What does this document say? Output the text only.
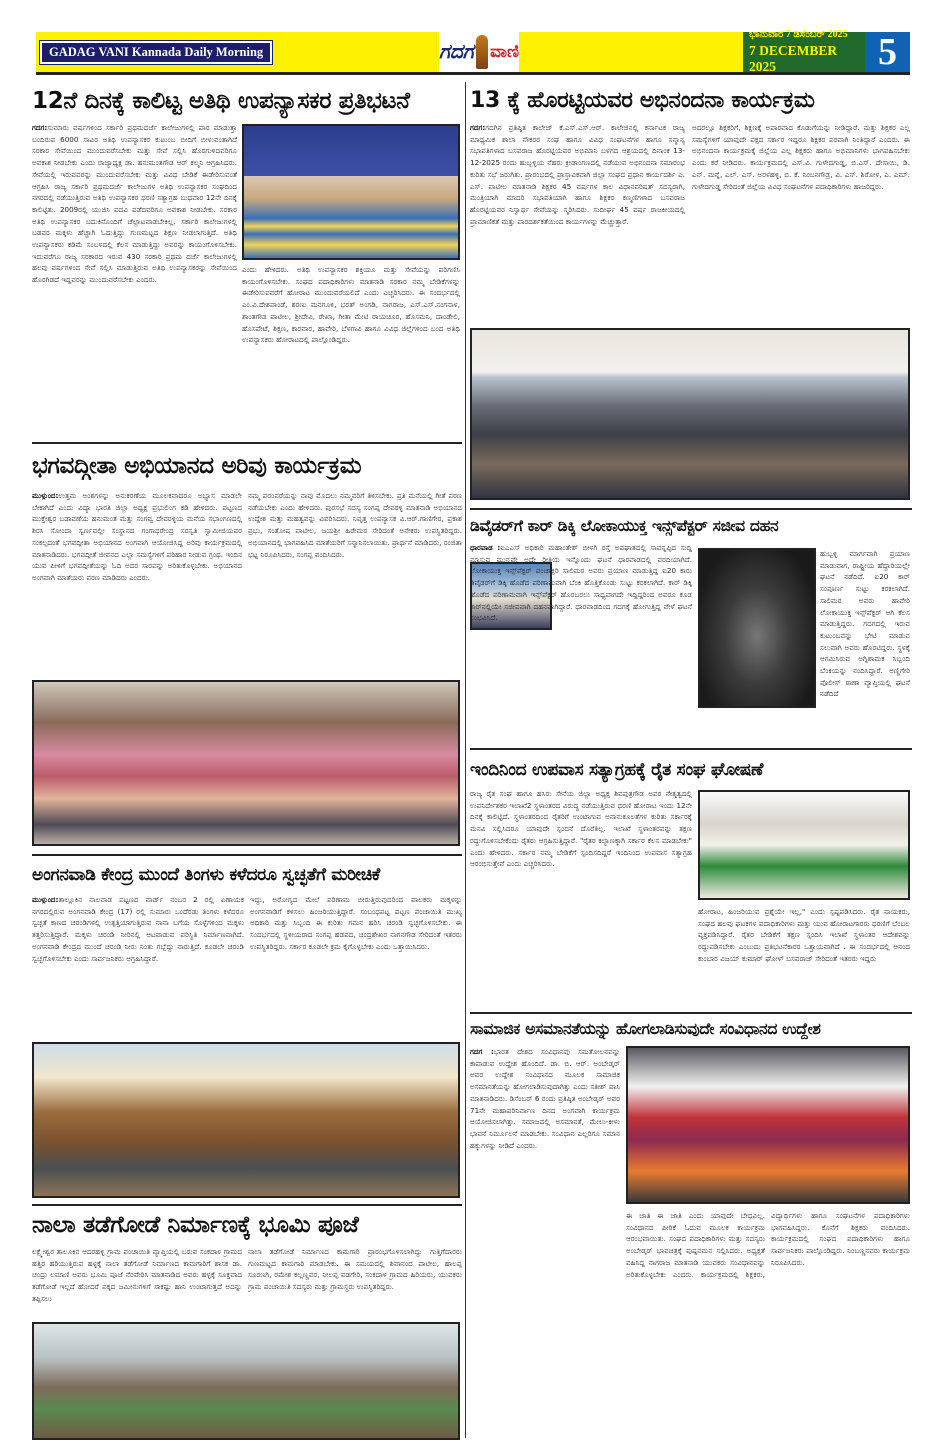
GADAG VANI Kannada Daily Morning	ಗದಗ ವಾಣಿ
ಭಾನುವಾರ 7 ಡಿಸೆಂಬರ್ 2025
7 DECEMBER 2025	5
12ನೆ ದಿನಕ್ಕೆ ಕಾಲಿಟ್ಟ ಅತಿಥಿ ಉಪನ್ಯಾಸಕರ ಪ್ರತಿಭಟನೆ
ಗದಗ:ಸುಮಾರು ವರ್ಷಗಳಿಂದ ಸರ್ಕಾರಿ ಪ್ರಥಮದರ್ಜೆ ಕಾಲೇಜುಗಳಲ್ಲಿ ಪಾಠ ಮಾಡುತ್ತಾ ಬಂದಿರುವ 6000 ಸಾವಿರ ಅತಿಥಿ ಉಪನ್ಯಾಸಕರ ಕುಟುಂಬ ಬೀದಿಗೆ ಬೀಳುವಂತಾಗಿದೆ ಸರಕಾರ ಸೇವೆಯಿಂದ ಮುಂದುವರೆಸಬೇಕು ಮತ್ತು ಸೇವೆ ಸಲ್ಲಿಸಿ ಹೊರಗುಳಿದವರಿಗೂ ಅವಕಾಶ ನೀಡಬೇಕು ಎಂದು ರಾಜ್ಯಾಧ್ಯಕ್ಷ ಡಾ. ಹನುಮಂತಗೌಡ ಆರ್ ಕಲ್ಮನಿ ಆಗ್ರಹಿಸಿದರು. ಸೇವೆಯಲ್ಲಿ ಇರುವವರನ್ನು ಮುಂದುವರೆಸಬೇಕು ಮತ್ತು ವಿವಿಧ ಬೇಡಿಕೆ ಈಡೇರಿಸುವಂತೆ ಆಗ್ರಹಿಸಿ ರಾಜ್ಯ ಸರ್ಕಾರಿ ಪ್ರಥಮದರ್ಜೆ ಕಾಲೇಜುಗಳ ಅತಿಥಿ ಉಪನ್ಯಾಸಕರ ಸಂಘದಿಂದ ನಗರದಲ್ಲಿ ನಡೆಯುತ್ತಿರುವ ಅತಿಥಿ ಉಪನ್ಯಾಸಕರ ಧರಣಿ ಸತ್ಯಾಗ್ರಹ ಬುಧವಾರ 12ನೇ ದಿನಕ್ಕೆ ಕಾಲಿಟ್ಟಿತು. 2009ರಲ್ಲಿ ಯುಜಿಸಿ ಪದವಿ ಪಡೆದವರಿಗೂ ಅವಕಾಶ ನೀಡಬೇಕು. ಸರಕಾರ ಅತಿಥಿ ಉಪನ್ಯಾಸಕರ ಬದುಕಿನೊಂದಿಗೆ ಚೆಲ್ಲಾಟವಾಡಬೇಕಿಲ್ಲ. ಸರ್ಕಾರಿ ಕಾಲೇಜುಗಳಲ್ಲಿ ಬಡವರ ಮಕ್ಕಳು ಹೆಚ್ಚಾಗಿ ಓದುತ್ತಿದ್ದು ಗುಣಮಟ್ಟದ ಶಿಕ್ಷಣ ನೀಡಲಾಗುತ್ತಿದೆ. ಅತಿಥಿ ಉಪನ್ಯಾಸಕರು ಕಡಿಮೆ ಸಂಬಳದಲ್ಲಿ ಕೆಲಸ ಮಾಡುತ್ತಿದ್ದು ಅವರನ್ನು ಕಾಯಂಗೊಳಿಸಬೇಕು. ಇದುವರೆಗೂ ರಾಜ್ಯ ಸರಕಾರದ ಇರುವ 430 ಸರಕಾರಿ ಪ್ರಥಮ ದರ್ಜೆ ಕಾಲೇಜುಗಳಲ್ಲಿ ಹಲವು ವರ್ಷಗಳಿಂದ ಸೇವೆ ಸಲ್ಲಿಸಿ ಮಾಡುತ್ತಿರುವ ಅತಿಥಿ ಉಪನ್ಯಾಸಕರನ್ನು ಸೇವೆಯಿಂದ ಹೊರಗಿಡದೆ ಇದ್ದವರನ್ನು ಮುಂದುವರೆಸಬೇಕು ಎಂದರು.
ಎಂದು ಹೇಳಿದರು. ಅತಿಥಿ ಉಪನ್ಯಾಸಕರ ಶಕ್ತಿಯೂ ಮತ್ತು ಸೇವೆಯನ್ನು ಪರಿಗಣಿಸಿ ಕಾಯಂಗೊಳಿಸಬೇಕು. ಸಂಘದ ಪದಾಧಿಕಾರಿಗಳು ಮಾತನಾಡಿ ಸರಕಾರ ನಮ್ಮ ಬೇಡಿಕೆಗಳನ್ನು ಈಡೇರಿಸುವವರೆಗೆ ಹೋರಾಟ ಮುಂದುವರೆಯಲಿದೆ ಎಂದು ಎಚ್ಚರಿಸಿದರು. ಈ ಸಂದರ್ಭದಲ್ಲಿ ಎಂ.ವಿ.ದೇಶಪಾಂಡೆ, ಶರಣು ಮನಗೂಳಿ, ಭರತ್ ಅಂಗಡಿ, ನಾಗರಾಜ, ಎಸ್.ಎಸ್.ಸಂಗನಾಳ, ಶಾಂತಗೌಡ ಪಾಟೀಲ, ಶ್ರೀದೇವಿ, ರೇಖಾ, ಗೀತಾ ಮೇಟಿ ರಾಯಚೂರ, ಹೊಸಮನಿ, ದಾಂಡೇಲಿ, ಹೊಸಪೇಟೆ, ಶಿಕ್ಷಣ, ಕಾರವಾರ, ಹಾವೇರಿ, ಬೆಳಗಾವಿ ಹಾಗೂ ವಿವಿಧ ಜಿಲ್ಲೆಗಳಿಂದ ಬಂದ ಅತಿಥಿ ಉಪನ್ಯಾಸಕರು ಹೋರಾಟದಲ್ಲಿ ಪಾಲ್ಗೊಂಡಿದ್ದರು.
13 ಕ್ಕೆ ಹೊರಟ್ಟಿಯವರ ಅಭಿನಂದನಾ ಕಾರ್ಯಕ್ರಮ
ಗದಗ:ಗದಗಿನ ಪ್ರತಿಷ್ಠಿತ ಕಾಲೇಜ್ ಕೆ.ಎಸ್.ಎಸ್.ಆರ್. ಕಾಲೇಜಿನಲ್ಲಿ ಕರ್ನಾಟಕ ರಾಜ್ಯ ಮಾಧ್ಯಮಿಕ ಶಾಲಾ ನೌಕರರ ಸಂಘ ಹಾಗೂ ವಿವಿಧ ಸಂಘಟನೆಗಳ ಹಾಗೂ ಸನ್ಮಾನ್ಯ ಸಭಾಪತಿಗಳಾದ ಬಸವರಾಜ ಹೊರಟ್ಟಿಯವರ ಅಭಿಮಾನಿ ಬಳಗದ ಆಶ್ರಯದಲ್ಲಿ ದಿನಾಂಕ 13-12-2025 ರಂದು ಹುಬ್ಬಳ್ಳಿಯ ನೆಹರು ಕ್ರೀಡಾಂಗಣದಲ್ಲಿ ನಡೆಯುವ ಅಭಿನಂದನಾ ಸಮಾರಂಭ ಕುರಿತು ಸಭೆ ಜರುಗಿತು. ಪ್ರಾರಂಭದಲ್ಲಿ ಪ್ರಾಸ್ತಾವಿಕವಾಗಿ ಜಿಲ್ಲಾ ಸಂಘದ ಪ್ರಧಾನ ಕಾರ್ಯದರ್ಶಿ ಎ. ಎಸ್. ಪಾಟೀಲ ಮಾತನಾಡಿ ಶಿಕ್ಷಕರ 45 ವರ್ಷಗಳ ಕಾಲ ವಿಧಾನಪರಿಷತ್ ಸದಸ್ಯರಾಗಿ, ಮಂತ್ರಿಯಾಗಿ ಮಾದರಿ ಸಭಾಪತಿಯಾಗಿ ಹಾಗೂ ಶಿಕ್ಷಕರ ಕಣ್ಮಣಿಗಳಾದ ಬಸವರಾಜ ಹೊರಟ್ಟಿಯವರ ನಿಸ್ವಾರ್ಥ ಸೇವೆಯನ್ನು ಸ್ಮರಿಸಿದರು. ಸುದೀರ್ಘ 45 ವರ್ಷ ರಾಜಕೀಯದಲ್ಲಿ ಪ್ರಾಮಾಣಿಕತೆ ಮತ್ತು ಪಾರದರ್ಶಕತೆಯಿಂದ ಕಾರ್ಯಗಳನ್ನು ಮೆಚ್ಚುತ್ತಾರೆ.
ಅದರಲ್ಲೂ ಶಿಕ್ಷಕರಿಗೆ, ಶಿಕ್ಷಣಕ್ಕೆ ಅಪಾರವಾದ ಕೊಡುಗೆಯನ್ನು ನೀಡಿದ್ದಾರೆ. ಮತ್ತು ಶಿಕ್ಷಕರ ಎಲ್ಲ ಸಮಸ್ಯೆಗಳಿಗೆ ಯಾವುದೇ ಪಕ್ಷದ ಸರ್ಕಾರ ಇದ್ದರೂ ಶಿಕ್ಷಕರ ಪರವಾಗಿ ನಿಂತಿದ್ದಾರೆ ಎಂದರು. ಈ ಅಭಿನಂದನಾ ಕಾರ್ಯಕ್ರಮಕ್ಕೆ ಜಿಲ್ಲೆಯ ಎಲ್ಲ ಶಿಕ್ಷಕರು ಹಾಗೂ ಅಭಿಮಾನಿಗಳು ಭಾಗವಹಿಸಬೇಕು ಎಂದು ಕರೆ ನೀಡಿದರು. ಕಾರ್ಯಕ್ರಮದಲ್ಲಿ ಎಸ್.ವಿ. ಗುಳೇದಗುಡ್ಡ, ಬಿ.ಎಸ್. ದೇಸಾಯಿ, ಡಿ. ಎನ್. ಮನ್ನೆ, ಎಲ್. ಎಸ್. ಅರಳಹಳ್ಳಿ, ಬಿ. ಕೆ. ನಿಂಬನಗೌಡ್ರ, ವಿ. ಎಸ್. ಶಿರೋಳ, ಎ. ಎಮ್. ಗುಳೇದಗುಡ್ಡ ಸೇರಿದಂತೆ ಜಿಲ್ಲೆಯ ವಿವಿಧ ಸಂಘಟನೆಗಳ ಪದಾಧಿಕಾರಿಗಳು ಹಾಜರಿದ್ದರು.
ಭಗವದ್ಗೀತಾ ಅಭಿಯಾನದ ಅರಿವು ಕಾರ್ಯಕ್ರಮ
ಮುಳ್ಗುಂದ:ಉತ್ತಮ ಅಂಶಗಳನ್ನು ಅನುಕರಣೆಯ ಮೂಲಕವಾದರೂ ಅಭ್ಯಾಸ ಮಾಡಲೇ ಬೇಕಾಗಿದೆ ಎಂದು ವಿದ್ಯಾ ಭಾರತಿ ಜಿಲ್ಲಾ ಅಧ್ಯಕ್ಷ ಪ್ರಭುಲಿಂಗ ಕಡಿ ಹೇಳಿದರು. ಪಟ್ಟಣದ ಮುಕ್ತೇಶ್ವರ ಬಡಾವಣೆಯ ಹನುಮಂತ ಮತ್ತು ಸಂಗವ್ವ ದೇವರಳ್ಳಿಯ ಮನೆಯ ಸಭಾಂಗಣದಲ್ಲಿ ಶಿರಸಿ ಸೋಂದಾ ಸ್ವರ್ಣವಲ್ಲೀ ಸಂಸ್ಥಾನದ ಗಂಗಾಧರೇಂದ್ರ ಸರಸ್ವತಿ ಸ್ವಾಮೀಜಿಯವರ ಸಂಕಲ್ಪದಂತೆ ಭಗವದ್ಗೀತಾ ಅಭಿಯಾನದ ಅಂಗವಾಗಿ ಆಯೋಜಿಸಿದ್ದ ಅರಿವು ಕಾರ್ಯಕ್ರಮದಲ್ಲಿ ಮಾತನಾಡಿದರು. ಭಗವದ್ಗೀತೆ ಜೀವನದ ಎಲ್ಲಾ ಸಮಸ್ಯೆಗಳಿಗೆ ಪರಿಹಾರ ನೀಡುವ ಗ್ರಂಥ. ಇಂದಿನ ಯುವ ಪೀಳಿಗೆ ಭಗವದ್ಗೀತೆಯನ್ನು ಓದಿ ಅದರ ಸಾರವನ್ನು ಅರಿತುಕೊಳ್ಳಬೇಕು. ಅಭಿಯಾನದ ಅಂಗವಾಗಿ ಮಾತೆಯರು ಪಠಣ ಮಾಡಿದರು ಎಂದರು.
ನಮ್ಮ ಪರಂಪರೆಯನ್ನು ನಾವು ಮೊದಲು ನಮ್ಮವರಿಗೆ ತಿಳಿಸಬೇಕು. ಪ್ರತಿ ಮನೆಯಲ್ಲಿ ಗೀತೆ ಪಠಣ ನಡೆಯಬೇಕು ಎಂದು ಹೇಳಿದರು. ಪುರಸಭೆ ಸದಸ್ಯ ಸಂಗಪ್ಪ ದೇವರಳ್ಳಿ ಮಾತನಾಡಿ ಅಭಿಯಾನದ ಉದ್ದೇಶ ಮತ್ತು ಮಹತ್ವವನ್ನು ವಿವರಿಸಿದರು. ನಿವೃತ್ತ ಉಪನ್ಯಾಸಕ ವಿ.ಆರ್.ಗಾಣಿಗೇರ, ಪ್ರಕಾಶ ಪ್ರಭು, ಸಂತೋಷ ಪಾಟೀಲ, ಜಯಶ್ರೀ ಹಿರೇಮಠ ಸೇರಿದಂತೆ ಅನೇಕರು ಉಪಸ್ಥಿತರಿದ್ದರು. ಅಭಿಯಾನದಲ್ಲಿ ಭಾಗವಹಿಸಿದ ಮಾತೆಯರಿಗೆ ಸನ್ಮಾನಿಸಲಾಯಿತು. ಪ್ರಾರ್ಥನೆ ಮಾಡಿದರು, ರಂಜಿತಾ ಭಟ್ಟ ನಿರೂಪಿಸಿದರು, ಸಂಗಪ್ಪ ವಂದಿಸಿದರು.
ಡಿವೈಡರ್‌ಗೆ ಕಾರ್ ಡಿಕ್ಕಿ ಲೋಕಾಯುಕ್ತ ಇನ್ಸ್‌ಪೆಕ್ಟರ್ ಸಜೀವ ದಹನ
ಧಾರವಾಡ :ಐಎಎಸ್ ಅಧಿಕಾರಿ ಮಹಾಂತೇಶ್ ಬೀಳಗಿ ರಸ್ತೆ ಅಪಘಾತದಲ್ಲಿ ಸಾವನ್ನಪ್ಪಿದ ಸುದ್ದಿ ಮಾಸುವ ಮುನ್ನವೇ ಅದೇ ರೀತಿಯ ಇನ್ನೊಂದು ಘಟನೆ ಧಾರವಾಡದಲ್ಲಿ ವರದಿಯಾಗಿದೆ. ಲೋಕಾಯುಕ್ತ ಇನ್ಸ್‌ಪೆಕ್ಟರ್ ಪಂಚಾಕ್ಷರಿ ಸಾಲಿಮಠ ಅವರು ಪ್ರಯಾಣ ಮಾಡುತ್ತಿದ್ದ ಐ20 ಕಾರು ಡಿವೈಡರ್‌ಗೆ ಡಿಕ್ಕಿ ಹೊಡೆದ ಪರಿಣಾಮವಾಗಿ ಬೆಂಕಿ ಹೊತ್ತಿಕೊಂಡು ಸುಟ್ಟು ಕರಕಲಾಗಿದೆ. ಕಾರ್ ಡಿಕ್ಕಿ ಹೊಡೆದ ಪರಿಣಾಮವಾಗಿ ಇನ್ಸ್‌ಪೆಕ್ಟರ್ ಹೊರಬರಲು ಸಾಧ್ಯವಾಗದೇ ಇದ್ದಿದ್ದರಿಂದ ಅವರೂ ಕೂಡ ಕಾರ್‌ನಲ್ಲಿಯೇ ಸಜೀವವಾಗಿ ದಹನವಾಗಿದ್ದಾರೆ. ಧಾರವಾಡದಿಂದ ಗದಗಕ್ಕೆ ಹೋಗುತ್ತಿದ್ದ ವೇಳೆ ಘಟನೆ ಸಂಭವಿಸಿದೆ.
ಹುಬ್ಬಳ್ಳಿ ಮಾರ್ಗವಾಗಿ ಪ್ರಯಾಣ ಮಾಡುವಾಗ, ರಾಷ್ಟ್ರೀಯ ಹೆದ್ದಾರಿಯಲ್ಲೇ ಘಟನೆ ನಡೆದಿದೆ. ಐ20 ಕಾರ್ ಸಂಪೂರ್ಣ ಸುಟ್ಟು ಕರಕಲಾಗಿದೆ. ಸಾಲಿಮಠ ಅವರು ಹಾವೇರಿ ಲೋಕಾಯುಕ್ತ ಇನ್ಸ್‌ಪೆಕ್ಟರ್ ಆಗಿ ಕೆಲಸ ಮಾಡುತ್ತಿದ್ದರು. ಗದಗದಲ್ಲಿ ಇರುವ ಕುಟುಂಬವನ್ನು ಭೇಟಿ ಮಾಡುವ ಸಲುವಾಗಿ ಅವರು ಹೊರಟಿದ್ದರು. ಸ್ಥಳಕ್ಕೆ ಆಗಮಿಸಿರುವ ಅಗ್ನಿಶಾಮಕ ಸಿಬ್ಬಂದಿ ಬೆಂಕಿಯನ್ನು ನಂದಿಸಿದ್ದಾರೆ. ಅಣ್ಣಿಗೇರಿ ಪೊಲೀಸ್ ಠಾಣಾ ವ್ಯಾಪ್ತಿಯಲ್ಲಿ ಘಟನೆ ನಡೆದಿದೆ
ಇಂದಿನಿಂದ ಉಪವಾಸ ಸತ್ಯಾಗ್ರಹಕ್ಕೆ ರೈತ ಸಂಘ ಘೋಷಣೆ
ರಾಜ್ಯ ರೈತ ಸಂಘ ಹಾಗೂ ಹಸಿರು ಸೇನೆಯ ಜಿಲ್ಲಾ ಅಧ್ಯಕ್ಷ ಶಿವಪುತ್ರಗೌಡ ಅವರ ನೇತೃತ್ವದಲ್ಲಿ ಉಪನಿರ್ದೇಶಕರ ಇಲಾಖೆ2 ಸ್ಥಳಾಂತರದ ವಿರುದ್ಧ ನಡೆಯುತ್ತಿರುವ ಧರಣಿ ಹೋರಾಟ ಇಂದು 12ನೇ ದಿನಕ್ಕೆ ಕಾಲಿಟ್ಟಿದೆ. ಸ್ಥಳಾಂತರದಿಂದ ರೈತರಿಗೆ ಉಂಟಾಗುವ ಅನಾನುಕೂಲತೆಗಳ ಕುರಿತು ಸರ್ಕಾರಕ್ಕೆ ಮನವಿ ಸಲ್ಲಿಸಿದರೂ ಯಾವುದೇ ಸ್ಪಂದನೆ ದೊರೆತಿಲ್ಲ. ಇಲಾಖೆ ಸ್ಥಳಾಂತರವನ್ನು ತಕ್ಷಣ ರದ್ದುಗೊಳಿಸಬೇಕೆಂದು ರೈತರು ಆಗ್ರಹಿಸುತ್ತಿದ್ದಾರೆ. "ರೈತರ ಕಲ್ಯಾಣಕ್ಕಾಗಿ ಸರ್ಕಾರ ಕೆಲಸ ಮಾಡಬೇಕು" ಎಂದು ಹೇಳಿದರು. ಸರ್ಕಾರ ನಮ್ಮ ಬೇಡಿಕೆಗೆ ಸ್ಪಂದಿಸದಿದ್ದರೆ ಇಂದಿನಿಂದ ಉಪವಾಸ ಸತ್ಯಾಗ್ರಹ ಆರಂಭಿಸುತ್ತೇವೆ ಎಂದು ಎಚ್ಚರಿಸಿದರು.
ಹೋರಾಟ, ಹಿಂಜರಿಯುವ ಪ್ರಶ್ನೆಯೇ ಇಲ್ಲ," ಎಂದು ಸ್ಪಷ್ಟಪಡಿಸಿದರು. ರೈತ ನಾಯಕರು, ಸಂಘದ ಹಲವು ಘಟಕಗಳ ಪದಾಧಿಕಾರಿಗಳು ಮತ್ತು ಯುವ ಹೋರಾಟಗಾರರು ಧರಣಿಗೆ ಬೆಂಬಲ ವ್ಯಕ್ತಪಡಿಸಿದ್ದಾರೆ. ರೈತರ ಬೇಡಿಕೆಗೆ ತಕ್ಷಣ ಸ್ಪಂದಿಸಿ ಇಲಾಖೆ ಸ್ಥಳಾಂತರ ಆದೇಶವನ್ನು ರದ್ದುಪಡಿಸಬೇಕು ಎಂಬುದು ಪ್ರತಿಭಟನೆಕಾರರ ಒತ್ತಾಯವಾಗಿದೆ . ಈ ಸಂದರ್ಭದಲ್ಲಿ ಆನಂದ ಕುಂಬಾರ ವಿಜಯ್ ಕುಮಾರ್ ಘೋಳ್ ಬಸವರಾಜ್ ಸೇರಿದಂತೆ ಇತರರು ಇದ್ದರು
ಅಂಗನವಾಡಿ ಕೇಂದ್ರ ಮುಂದೆ ತಿಂಗಳು ಕಳೆದರೂ ಸ್ವಚ್ಛತೆಗೆ ಮರೀಚಿಕೆ
ಮುಳ್ಗುಂದ:ತಾಲ್ಲೂಕಿನ ನಾಲವಾಡ ಪಟ್ಟಣದ ವಾರ್ಡ್ ನಂಬರ 2 ರಲ್ಲಿ ಏಣಾಯಕ ನಗರದಲ್ಲಿರುವ ಅಂಗನವಾಡಿ ಕೇಂದ್ರ (17) ರಲ್ಲಿ ಸುಮಾರು ಒಂದೆರಡು ತಿಂಗಳು ಕಳೆದರೂ ಸ್ವಚ್ಛತೆ ಕಾಣದ ಚರಂಡಿಗಳಲ್ಲಿ ಉತ್ಪತ್ತಿಯಾಗುತ್ತಿರುವ ನಾನಾ ಬಗೆಯ ಸೊಳ್ಳೆಗಳಿಂದ ಮಕ್ಕಳು ತತ್ತರಿಸುತ್ತಿದ್ದಾರೆ. ಮಕ್ಕಳು ಚರಂಡಿ ನೀರಿನಲ್ಲಿ ಆಟವಾಡುವ ಪರಿಸ್ಥಿತಿ ನಿರ್ಮಾಣವಾಗಿದೆ. ಅಂಗನವಾಡಿ ಕೇಂದ್ರದ ಮುಂದೆ ಚರಂಡಿ ನೀರು ನಿಂತು ಗಬ್ಬೆದ್ದು ನಾರುತ್ತಿದೆ. ಕೂಡಲೇ ಚರಂಡಿ ಸ್ವಚ್ಛಗೊಳಿಸಬೇಕು ಎಂದು ಸಾರ್ವಜನಿಕರು ಆಗ್ರಹಿಸಿದ್ದಾರೆ.
ಇದ್ದು, ಅರೋಗ್ಯದ ಮೇಲೆ ಪರಿಣಾಮ ಬೀರುತ್ತಿರುವುದರಿಂದ ಪಾಲಕರು ಮಕ್ಕಳನ್ನು ಅಂಗನವಾಡಿಗೆ ಕಳಿಸಲು ಹಿಂಜರಿಯುತ್ತಿದ್ದಾರೆ. ಸಂಬಂಧಪಟ್ಟ ಪಟ್ಟಣ ಪಂಚಾಯಿತಿ ಮುಖ್ಯ ಅಧಿಕಾರಿ ಮತ್ತು ಸಿಬ್ಬಂದಿ ಈ ಕುರಿತು ಗಮನ ಹರಿಸಿ ಚರಂಡಿ ಸ್ವಚ್ಛಗೊಳಿಸಬೇಕು. ಈ ಸಂದರ್ಭದಲ್ಲಿ ಸ್ಥಳೀಯರಾದ ಸಂಗಪ್ಪ ಹಡಪದ, ಚಂದ್ರಶೇಖರ ನಾಗನಗೌಡ ಸೇರಿದಂತೆ ಇತರರು ಉಪಸ್ಥಿತರಿದ್ದರು. ಸರ್ಕಾರ ಕೂಡಲೇ ಕ್ರಮ ಕೈಗೊಳ್ಳಬೇಕು ಎಂದು ಒತ್ತಾಯಿಸಿದರು.
ಸಾಮಾಜಿಕ ಅಸಮಾನತೆಯನ್ನು ಹೋಗಲಾಡಿಸುವುದೇ ಸಂವಿಧಾನದ ಉದ್ದೇಶ
ಗದಗ :ಭಾರತ ದೇಶದ ಸಂವಿಧಾನವು ಸಮತೋಲನವನ್ನು ಕಾಪಾಡುವ ಉದ್ದೇಶ ಹೊಂದಿದೆ. ಡಾ. ಬಿ. ಆರ್. ಅಂಬೇಡ್ಕರ್ ಅವರ ಉದ್ದೇಶ ಸಂವಿಧಾನದ ಮೂಲಕ ಸಾಮಾಜಿಕ ಅಸಮಾನತೆಯನ್ನು ಹೋಗಲಾಡಿಸುವುದಾಗಿತ್ತು ಎಂದು ಸತೀಶ್ ಪಾಸಿ ಮಾತನಾಡಿದರು. ಡಿಸೆಂಬರ್ 6 ರಂದು ಪ್ರತಿಷ್ಠಿತ ಅಂಬೇಡ್ಕರ್ ಅವರ 71ನೇ ಮಹಾಪರಿನಿರ್ವಾಣ ದಿನದ ಅಂಗವಾಗಿ ಕಾರ್ಯಕ್ರಮ ಆಯೋಜಿಸಲಾಗಿತ್ತು. ಸಮಾಜದಲ್ಲಿ ಅಸಮಾನತೆ, ಮೇಲು-ಕೀಳು ಭಾವನೆ ನಿರ್ಮೂಲನೆ ಮಾಡಬೇಕು. ಸಂವಿಧಾನ ಎಲ್ಲರಿಗೂ ಸಮಾನ ಹಕ್ಕುಗಳನ್ನು ನೀಡಿದೆ ಎಂದರು.
ಈ ಜಾತಿ ಈ ಜಾತಿ ಎಂದು ಯಾವುದೇ ಬೇಧವಿಲ್ಲ. ಸಂವಿಧಾನದ ಪೀಠಿಕೆ ಓದುವ ಮೂಲಕ ಕಾರ್ಯಕ್ರಮ ಆರಂಭವಾಯಿತು. ಸಂಘದ ಪದಾಧಿಕಾರಿಗಳು ಮತ್ತು ಸದಸ್ಯರು ಅಂಬೇಡ್ಕರ್ ಭಾವಚಿತ್ರಕ್ಕೆ ಪುಷ್ಪನಮನ ಸಲ್ಲಿಸಿದರು. ಅಧ್ಯಕ್ಷತೆ ವಹಿಸಿದ್ದ ನಾಗರಾಜ ಮಾತನಾಡಿ ಯುವಕರು ಸಂವಿಧಾನವನ್ನು ಅರಿತುಕೊಳ್ಳಬೇಕು ಎಂದರು. ಕಾರ್ಯಕ್ರಮದಲ್ಲಿ ಶಿಕ್ಷಕರು, ವಿದ್ಯಾರ್ಥಿಗಳು ಹಾಗೂ ಸಂಘಟನೆಗಳ ಪದಾಧಿಕಾರಿಗಳು ಭಾಗವಹಿಸಿದ್ದರು. ಕೊನೆಗೆ ಶಿಕ್ಷಕರು ವಂದಿಸಿದರು. ಕಾರ್ಯಕ್ರಮದಲ್ಲಿ ಸಂಘದ ಪದಾಧಿಕಾರಿಗಳು ಹಾಗೂ ಸಾರ್ವಜನಿಕರು ಪಾಲ್ಗೊಂಡಿದ್ದರು. ನಿಂಬಣ್ಣನವರು ಕಾರ್ಯಕ್ರಮ ನಿರೂಪಿಸಿದರು.
ನಾಲಾ ತಡೆಗೋಡೆ ನಿರ್ಮಾಣಕ್ಕೆ ಭೂಮಿ ಪೂಜೆ
ಲಕ್ಷ್ಮೇಶ್ವರ ತಾಲೂಕಿನ ಆದರಹಳ್ಳಿ ಗ್ರಾಮ ಪಂಚಾಯಿತಿ ವ್ಯಾಪ್ತಿಯಲ್ಲಿ ಬರುವ ಸಂಕದಾಳ ಗ್ರಾಮದ ಹತ್ತಿರ ಹರಿಯುತ್ತಿರುವ ಹಳ್ಳಕ್ಕೆ ನಾಲಾ ತಡೆಗೋಡೆ ನಿರ್ಮಾಣದ ಕಾಮಗಾರಿಗೆ ಶಾಸಕ ಡಾ. ಚಂದ್ರು ಲಮಾಣಿ ಅವರು ಭೂಮಿ ಪೂಜೆ ನೆರವೇರಿಸಿ ಮಾತನಾಡಿದ ಅವರು ಹಳ್ಳಕ್ಕೆ ಸೂಕ್ತವಾದ ತಡೆಗೋಡೆ ಇಲ್ಲದೆ ಹೋದರೆ ಪಕ್ಕದ ಜಮೀನುಗಳಿಗೆ ಸಾಕಷ್ಟು ಹಾನಿ ಉಂಟಾಗುತ್ತದೆ ಅದನ್ನು ತಪ್ಪಿಸಲು
ನಾಲಾ ತಡೆಗೋಡೆ ನಿರ್ಮಾಣದ ಕಾಮಗಾರಿ ಪ್ರಾರಂಭಗೊಳಿಸಲಾಗಿದ್ದು ಗುತ್ತಿಗೆದಾರರು ಗುಣಮಟ್ಟದ ಕಾಮಗಾರಿ ಮಾಡಬೇಕು. ಈ ಸಮಯದಲ್ಲಿ ಶಿವಾನಂದ ಪಾಟೀಲ, ಹಾಲಪ್ಪ ಸೂರಣಗಿ, ರಮೇಶ ಕಲ್ಲಣ್ಣವರ, ನೀಲಪ್ಪ ಪಡಗೇರಿ, ಸಂಕದಾಳ ಗ್ರಾಮದ ಹಿರಿಯರು, ಯುವಕರು ಗ್ರಾಮ ಪಂಚಾಯಿತಿ ಸದಸ್ಯರು ಮತ್ತು ಗ್ರಾಮಸ್ಥರು ಉಪಸ್ಥಿತರಿದ್ದರು.
